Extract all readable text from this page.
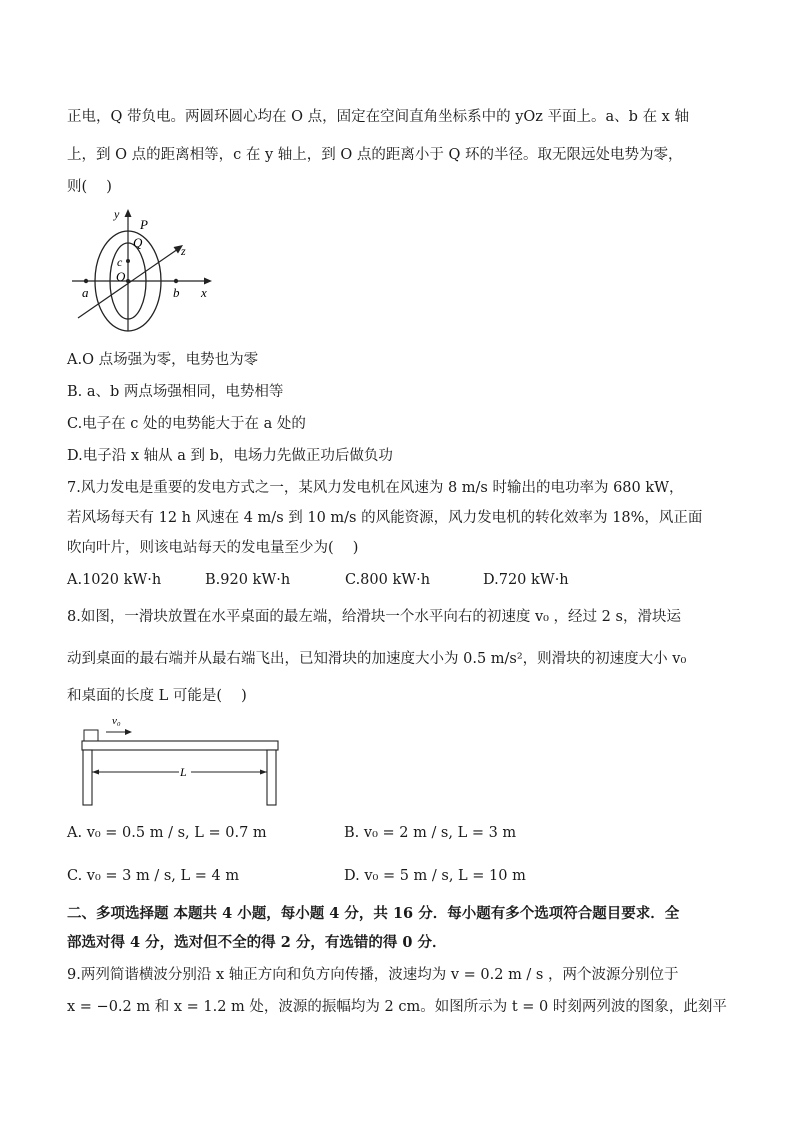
正电，Q 带负电。两圆环圆心均在 O 点，固定在空间直角坐标系中的 yOz 平面上。a、b 在 x 轴
上，到 O 点的距离相等，c 在 y 轴上，到 O 点的距离小于 Q 环的半径。取无限远处电势为零，
则(　 )
y
P
Q
c
O
z
a	b x
A.O 点场强为零，电势也为零
B. a、b 两点场强相同，电势相等
C.电子在 c 处的电势能大于在 a 处的
D.电子沿 x 轴从 a 到 b，电场力先做正功后做负功
7.风力发电是重要的发电方式之一，某风力发电机在风速为 8 m/s 时输出的电功率为 680 kW，
若风场每天有 12 h 风速在 4 m/s 到 10 m/s 的风能资源，风力发电机的转化效率为 18%，风正面
吹向叶片，则该电站每天的发电量至少为(　 )
A.1020 kW·h	B.920 kW·h	C.800 kW·h	D.720 kW·h
8.如图，一滑块放置在水平桌面的最左端，给滑块一个水平向右的初速度 v₀ ，经过 2 s，滑块运
动到桌面的最右端并从最右端飞出，已知滑块的加速度大小为 0.5 m/s²，则滑块的初速度大小 v₀
和桌面的长度 L 可能是(　 )
v₀
L
A. v₀ = 0.5 m / s, L = 0.7 m	B. v₀ = 2 m / s, L = 3 m
C. v₀ = 3 m / s, L = 4 m	D. v₀ = 5 m / s, L = 10 m
二、多项选择题 本题共 4 小题，每小题 4 分，共 16 分．每小题有多个选项符合题目要求．全
部选对得 4 分，选对但不全的得 2 分，有选错的得 0 分．
9.两列简谐横波分别沿 x 轴正方向和负方向传播，波速均为 v = 0.2 m / s ，两个波源分别位于
x = −0.2 m 和 x = 1.2 m 处，波源的振幅均为 2 cm。如图所示为 t = 0 时刻两列波的图象，此刻平
